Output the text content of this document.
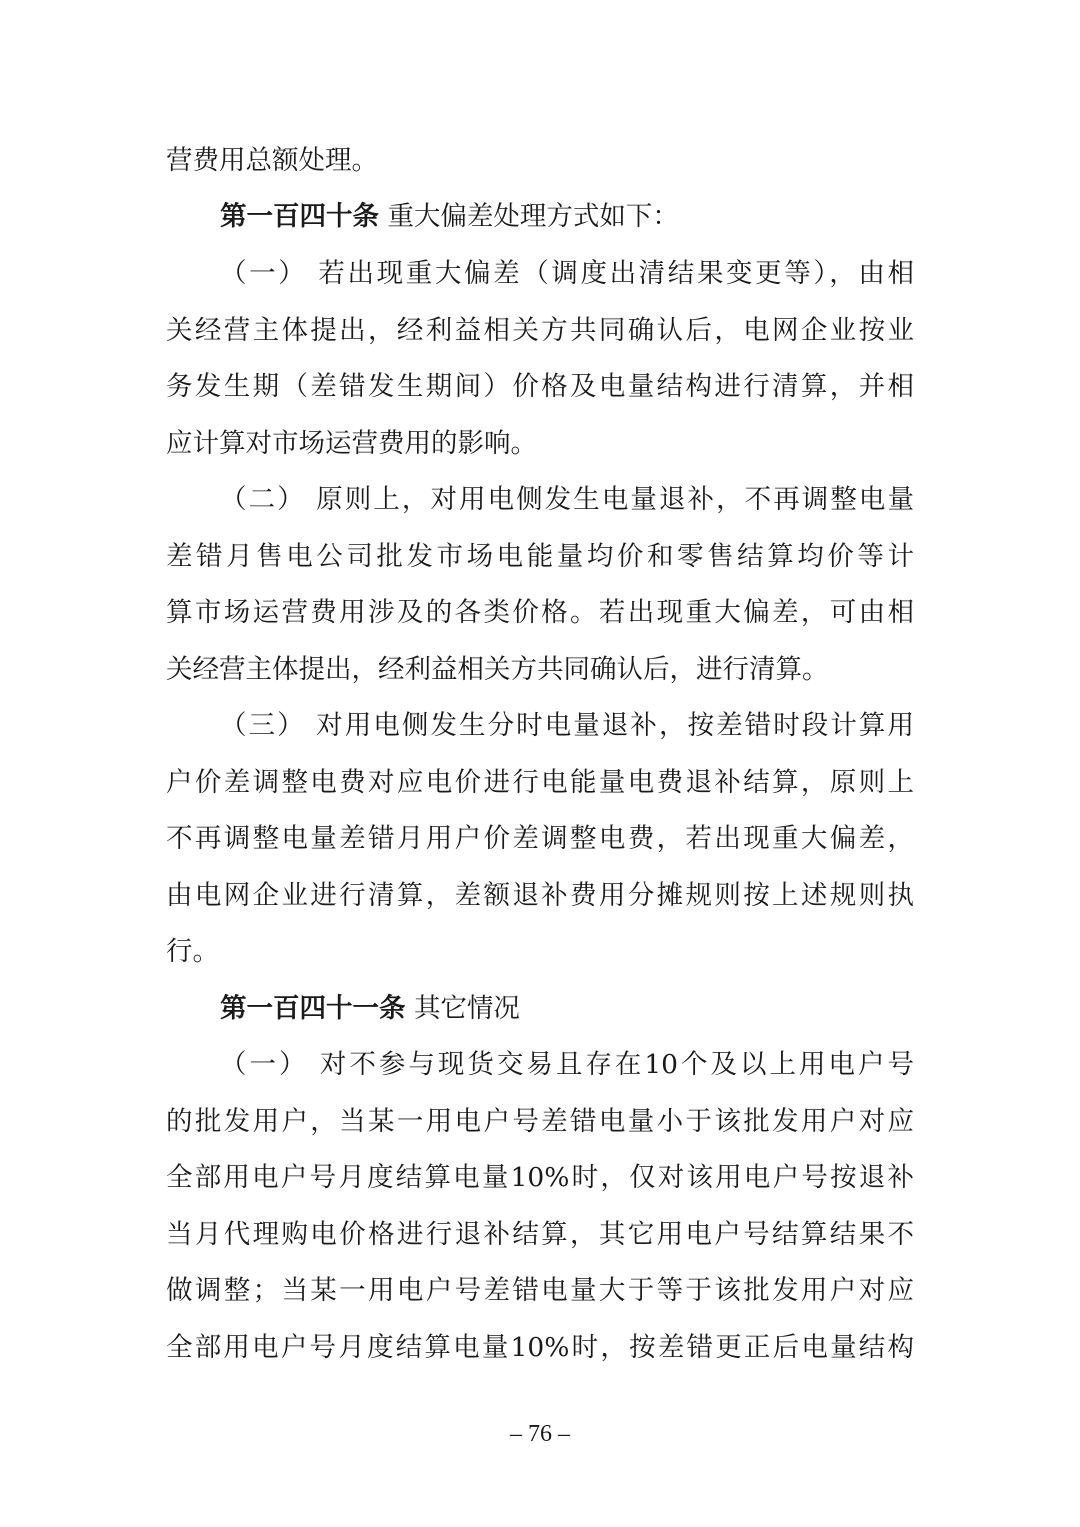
营费用总额处理。
第一百四十条 重大偏差处理方式如下：
（一） 若出现重大偏差（调度出清结果变更等），由相
关经营主体提出，经利益相关方共同确认后，电网企业按业
务发生期（差错发生期间）价格及电量结构进行清算，并相
应计算对市场运营费用的影响。
（二） 原则上，对用电侧发生电量退补，不再调整电量
差错月售电公司批发市场电能量均价和零售结算均价等计
算市场运营费用涉及的各类价格。若出现重大偏差，可由相
关经营主体提出，经利益相关方共同确认后，进行清算。
（三） 对用电侧发生分时电量退补，按差错时段计算用
户价差调整电费对应电价进行电能量电费退补结算，原则上
不再调整电量差错月用户价差调整电费，若出现重大偏差，
由电网企业进行清算，差额退补费用分摊规则按上述规则执
行。
第一百四十一条 其它情况
（一） 对不参与现货交易且存在10个及以上用电户号
的批发用户，当某一用电户号差错电量小于该批发用户对应
全部用电户号月度结算电量10%时，仅对该用电户号按退补
当月代理购电价格进行退补结算，其它用电户号结算结果不
做调整；当某一用电户号差错电量大于等于该批发用户对应
全部用电户号月度结算电量10%时，按差错更正后电量结构
– 76 –
